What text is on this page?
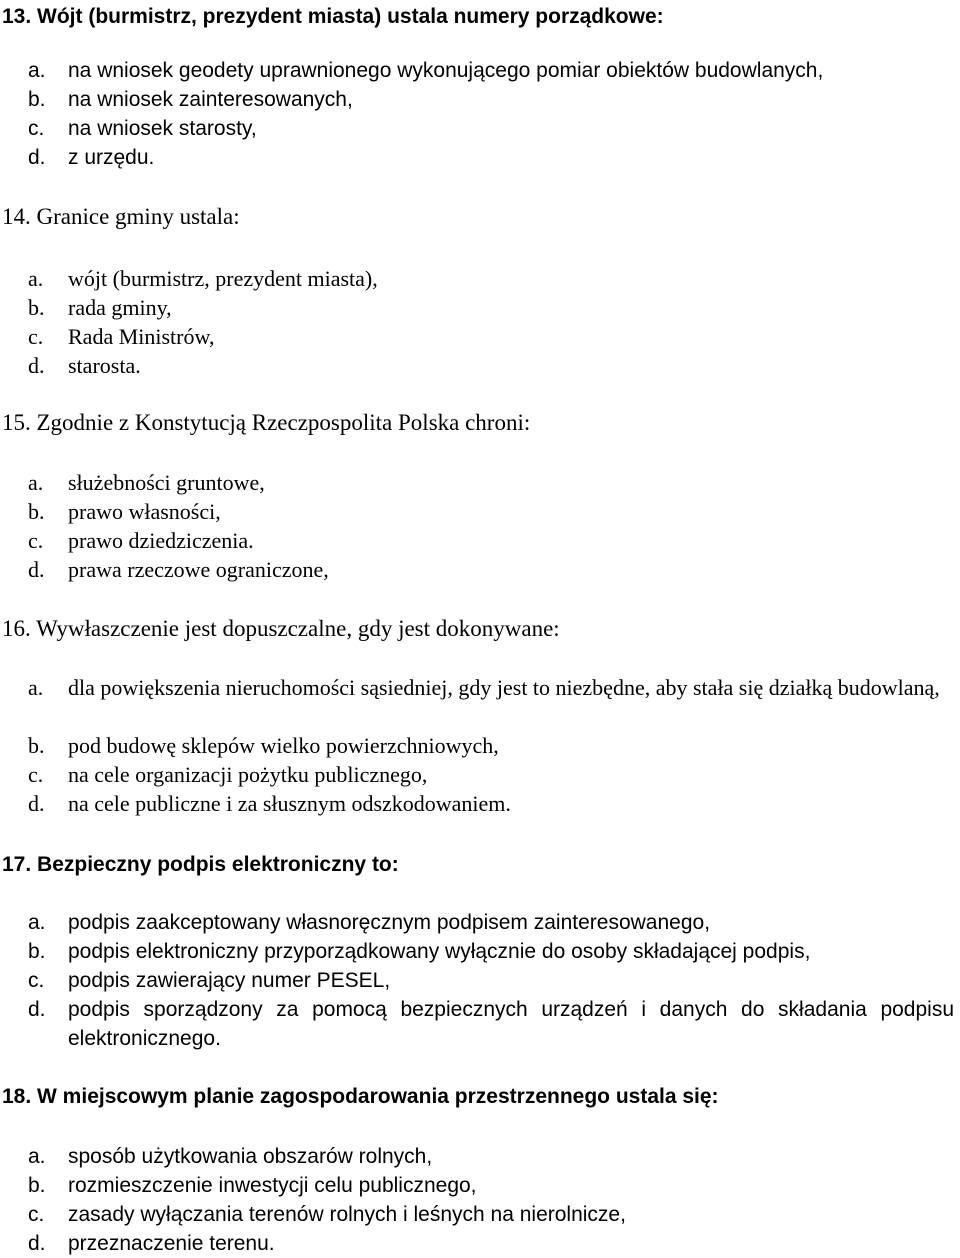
13. Wójt (burmistrz, prezydent miasta) ustala numery porządkowe:
a. na wniosek geodety uprawnionego wykonującego pomiar obiektów budowlanych,
b. na wniosek zainteresowanych,
c. na wniosek starosty,
d. z urzędu.
14. Granice gminy ustala:
a. wójt (burmistrz, prezydent miasta),
b. rada gminy,
c. Rada Ministrów,
d. starosta.
15. Zgodnie z Konstytucją Rzeczpospolita Polska chroni:
a. służebności gruntowe,
b. prawo własności,
c. prawo dziedziczenia.
d. prawa rzeczowe ograniczone,
16. Wywłaszczenie jest dopuszczalne, gdy jest dokonywane:
a. dla powiększenia nieruchomości sąsiedniej, gdy jest to niezbędne, aby stała się działką budowlaną,
b. pod budowę sklepów wielko powierzchniowych,
c. na cele organizacji pożytku publicznego,
d. na cele publiczne i za słusznym odszkodowaniem.
17. Bezpieczny podpis elektroniczny to:
a. podpis zaakceptowany własnoręcznym podpisem zainteresowanego,
b. podpis elektroniczny przyporządkowany wyłącznie do osoby składającej podpis,
c. podpis zawierający numer PESEL,
d. podpis sporządzony za pomocą bezpiecznych urządzeń i danych do składania podpisu elektronicznego.
18. W miejscowym planie zagospodarowania przestrzennego ustala się:
a. sposób użytkowania obszarów rolnych,
b. rozmieszczenie inwestycji celu publicznego,
c. zasady wyłączania terenów rolnych i leśnych na nierolnicze,
d. przeznaczenie terenu.
